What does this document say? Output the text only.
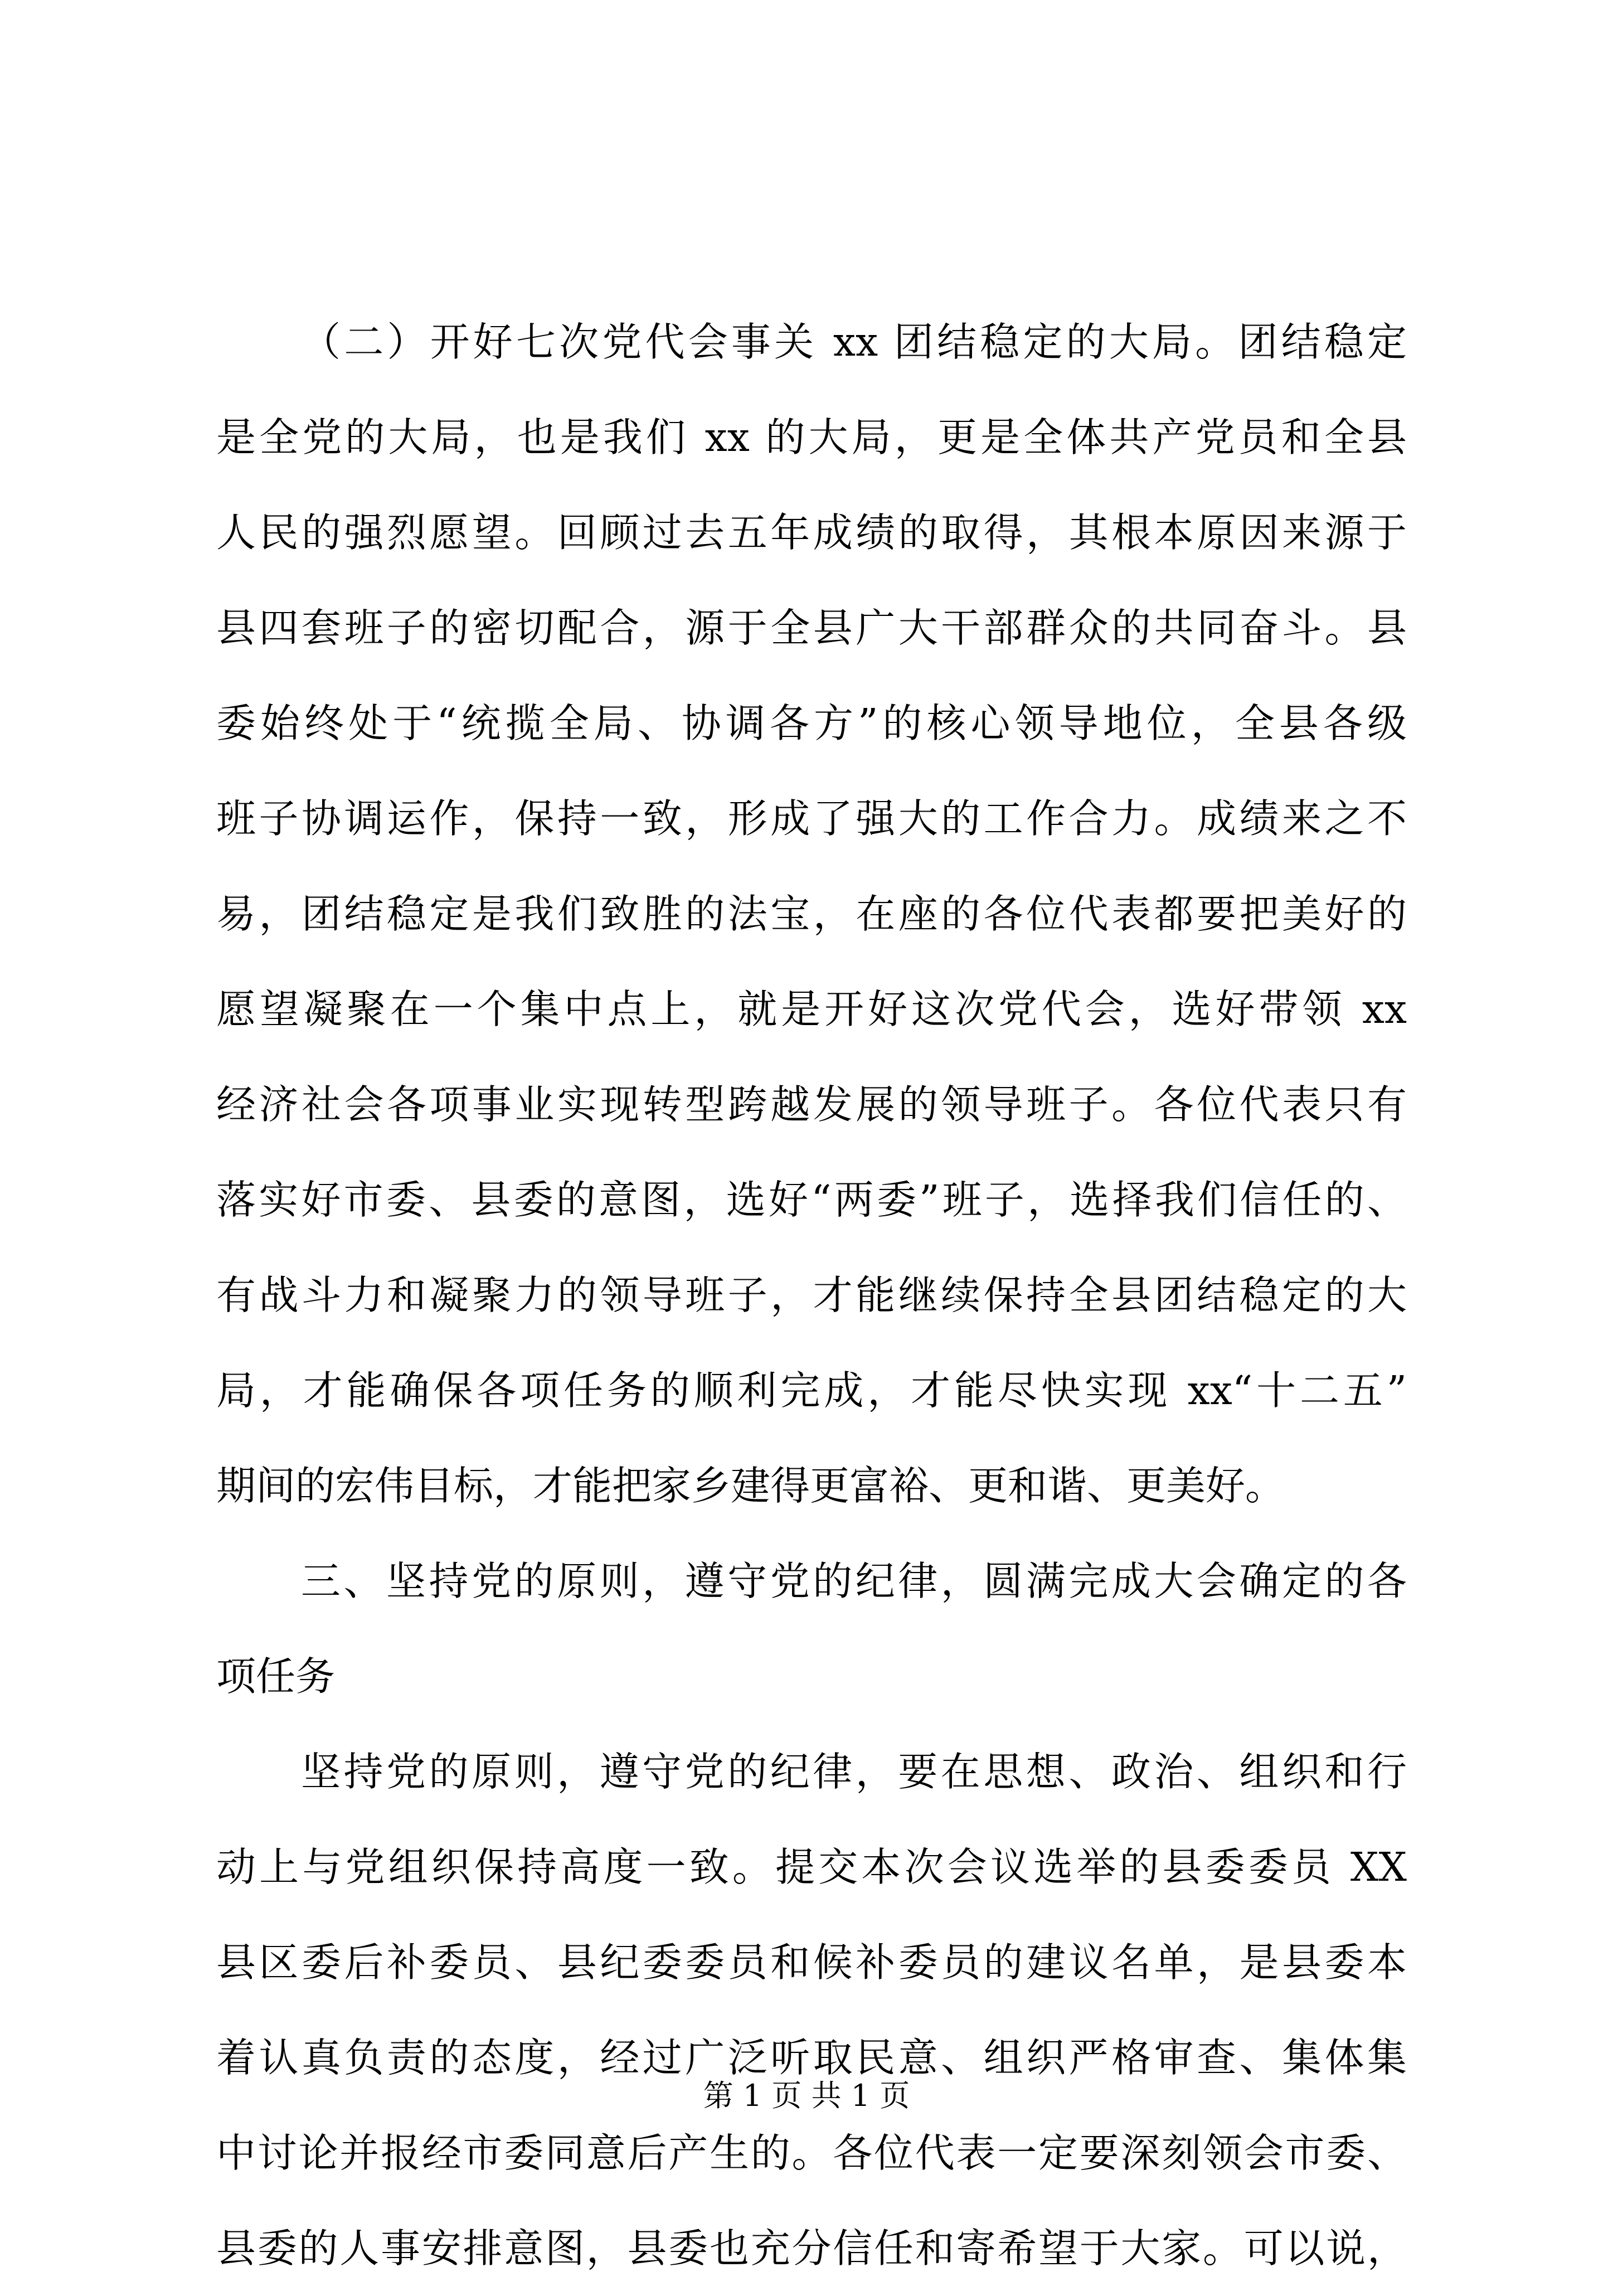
（二）开好七次党代会事关 xx 团结稳定的大局。团结稳定
是全党的大局，也是我们 xx 的大局，更是全体共产党员和全县
人民的强烈愿望。回顾过去五年成绩的取得，其根本原因来源于
县四套班子的密切配合，源于全县广大干部群众的共同奋斗。县
委始终处于“统揽全局、协调各方”的核心领导地位，全县各级
班子协调运作，保持一致，形成了强大的工作合力。成绩来之不
易，团结稳定是我们致胜的法宝，在座的各位代表都要把美好的
愿望凝聚在一个集中点上，就是开好这次党代会，选好带领 xx
经济社会各项事业实现转型跨越发展的领导班子。各位代表只有
落实好市委、县委的意图，选好“两委”班子，选择我们信任的、
有战斗力和凝聚力的领导班子，才能继续保持全县团结稳定的大
局，才能确保各项任务的顺利完成，才能尽快实现 xx“十二五”
期间的宏伟目标，才能把家乡建得更富裕、更和谐、更美好。
三、坚持党的原则，遵守党的纪律，圆满完成大会确定的各
项任务
坚持党的原则，遵守党的纪律，要在思想、政治、组织和行
动上与党组织保持高度一致。提交本次会议选举的县委委员 XX
县区委后补委员、县纪委委员和候补委员的建议名单，是县委本
着认真负责的态度，经过广泛听取民意、组织严格审查、集体集
中讨论并报经市委同意后产生的。各位代表一定要深刻领会市委、
县委的人事安排意图，县委也充分信任和寄希望于大家。可以说，
第 1 页 共 1 页
